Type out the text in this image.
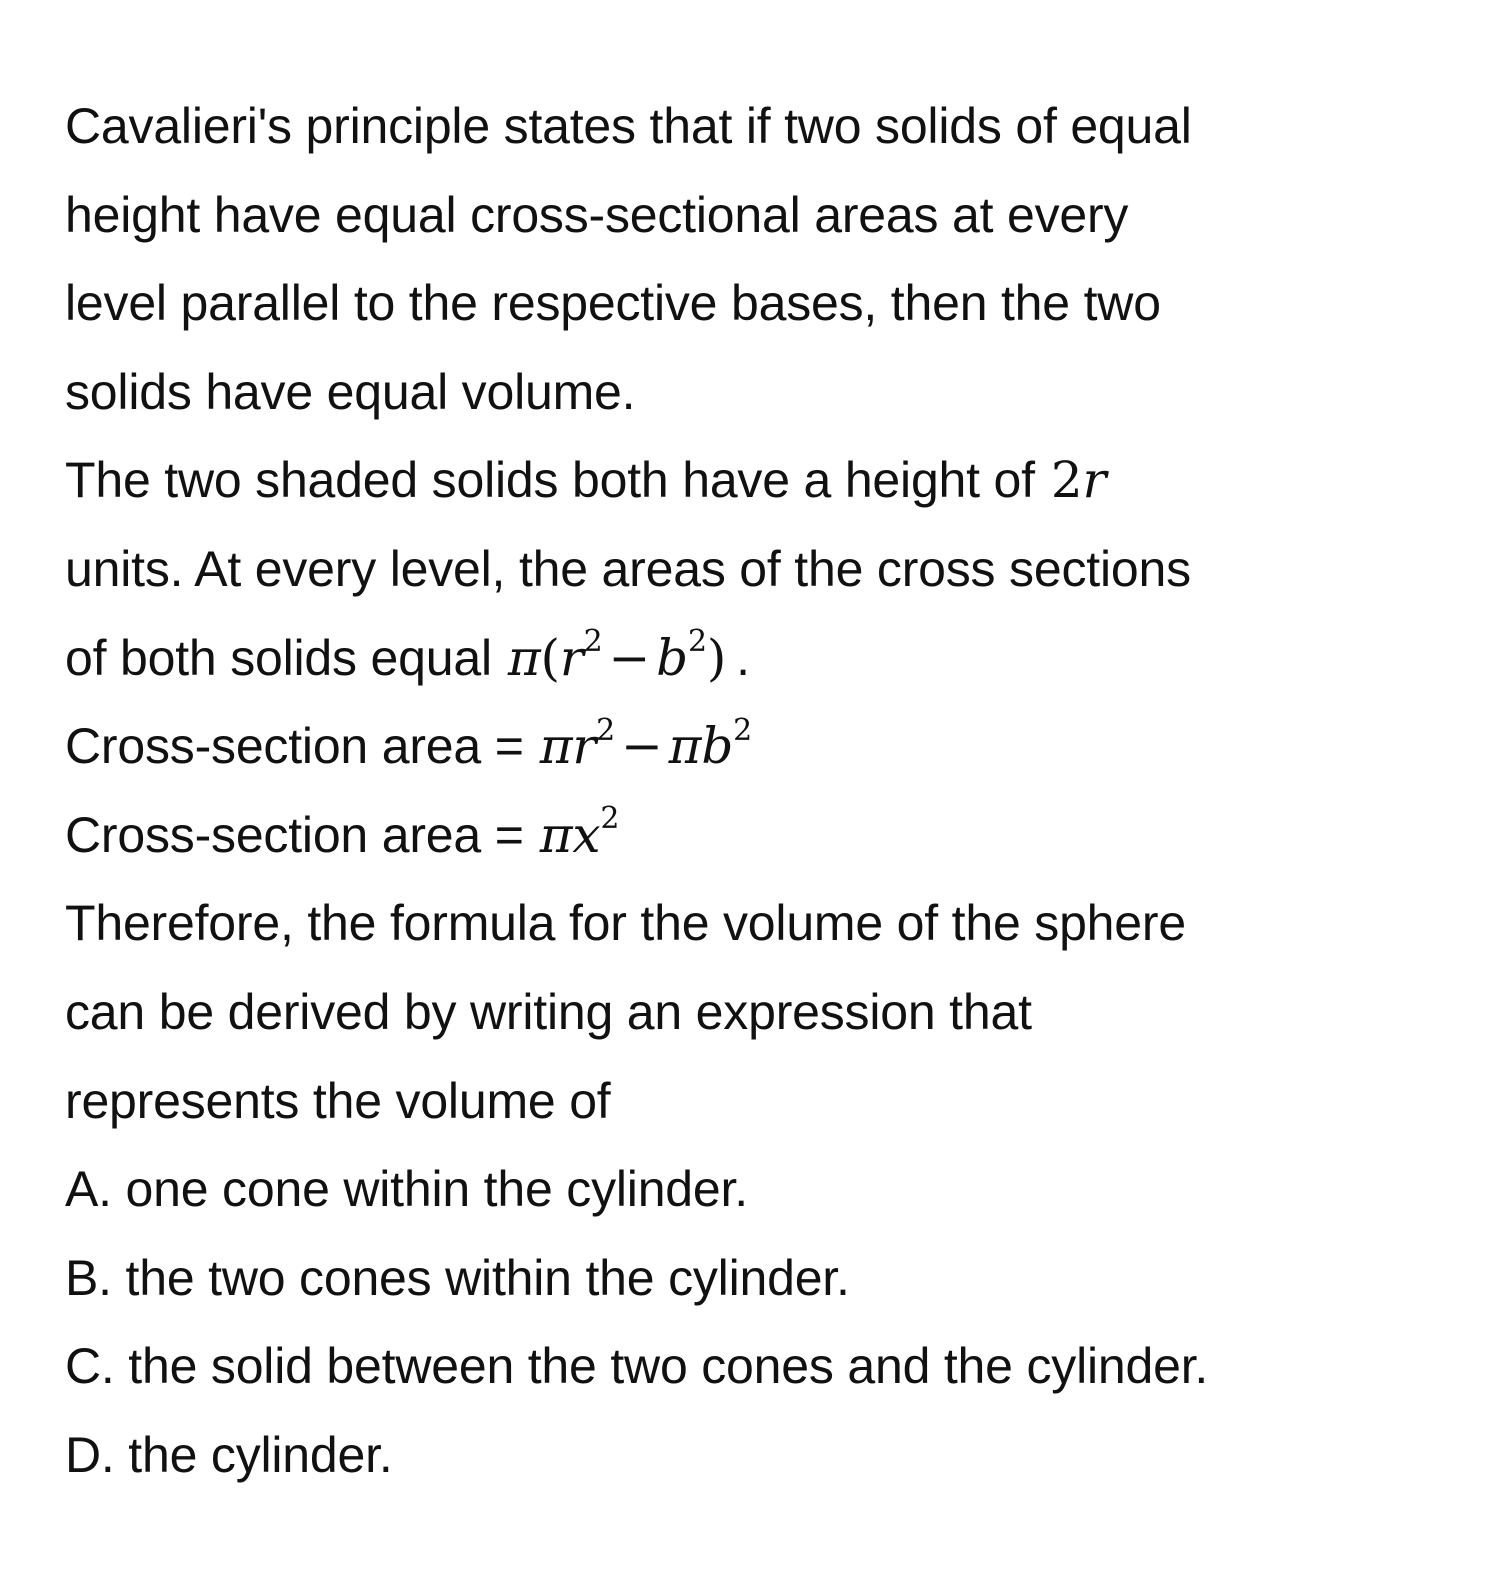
Cavalieri's principle states that if two solids of equal
height have equal cross-sectional areas at every
level parallel to the respective bases, then the two
solids have equal volume.
The two shaded solids both have a height of 2r
units. At every level, the areas of the cross sections
of both solids equal $\pi(r^2 - b^2)$ .
Cross-section area = $\pi r^2 - \pi b^2$
Cross-section area = $\pi x^2$
Therefore, the formula for the volume of the sphere
can be derived by writing an expression that
represents the volume of
A. one cone within the cylinder.
B. the two cones within the cylinder.
C. the solid between the two cones and the cylinder.
D. the cylinder.
